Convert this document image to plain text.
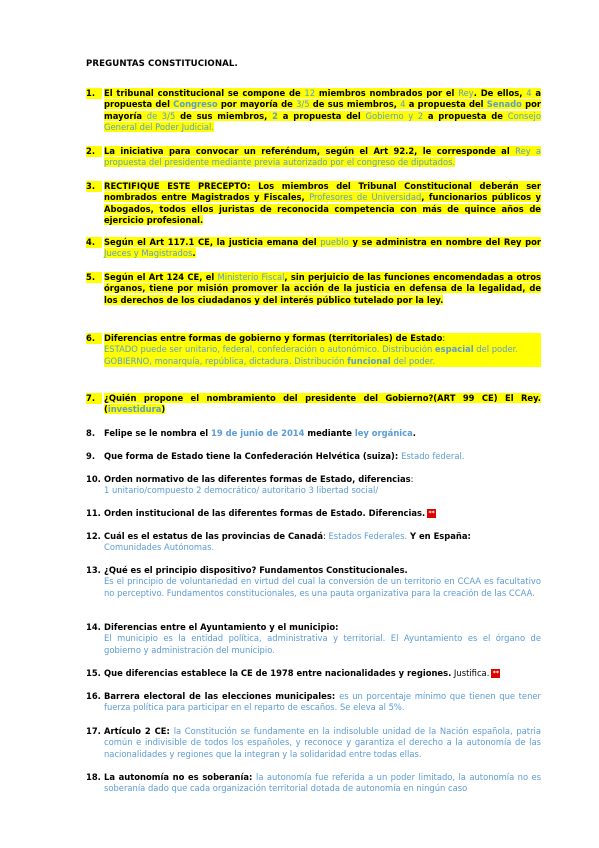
PREGUNTAS CONSTITUCIONAL.
1.	El tribunal constitucional se compone de 12 miembros nombrados por el Rey. De ellos, 4 a propuesta del Congreso por mayoría de 3/5 de sus miembros, 4 a propuesta del Senado por mayoría de 3/5 de sus miembros, 2 a propuesta del Gobierno y 2 a propuesta de Consejo General del Poder Judicial.
2.	La iniciativa para convocar un referéndum, según el Art 92.2, le corresponde al Rey a propuesta del presidente mediante previa autorizado por el congreso de diputados.
3.	RECTIFIQUE ESTE PRECEPTO: Los miembros del Tribunal Constitucional deberán ser nombrados entre Magistrados y Fiscales, Profesores de Universidad, funcionarios públicos y Abogados, todos ellos juristas de reconocida competencia con más de quince años de ejercicio profesional.
4.	Según el Art 117.1 CE, la justicia emana del pueblo y se administra en nombre del Rey por Jueces y Magistrados.
5.	Según el Art 124 CE, el Ministerio Fiscal, sin perjuicio de las funciones encomendadas a otros órganos, tiene por misión promover la acción de la justicia en defensa de la legalidad, de los derechos de los ciudadanos y del interés público tutelado por la ley.
6.	Diferencias entre formas de gobierno y formas (territoriales) de Estado:
ESTADO puede ser unitario, federal, confederación o autonómico. Distribución espacial del poder.
GOBIERNO, monarquía, república, dictadura. Distribución funcional del poder.
7.	¿Quién propone el nombramiento del presidente del Gobierno?(ART 99 CE) El Rey. (investidura)
8.	Felipe se le nombra el 19 de junio de 2014 mediante ley orgánica.
9.	Que forma de Estado tiene la Confederación Helvética (suiza): Estado federal.
10. Orden normativo de las diferentes formas de Estado, diferencias:
1 unitario/compuesto 2 democrático/ autoritario 3 libertad social/
11. Orden institucional de las diferentes formas de Estado. Diferencias. **
12. Cuál es el estatus de las provincias de Canadá: Estados Federales. Y en España:
Comunidades Autónomas.
13. ¿Qué es el principio dispositivo? Fundamentos Constitucionales.
Es el principio de voluntariedad en virtud del cual la conversión de un territorio en CCAA es facultativo no perceptivo. Fundamentos constitucionales, es una pauta organizativa para la creación de las CCAA.
14. Diferencias entre el Ayuntamiento y el municipio:
El municipio es la entidad política, administrativa y territorial. El Ayuntamiento es el órgano de gobierno y administración del municipio.
15. Que diferencias establece la CE de 1978 entre nacionalidades y regiones. Justifica. **
16. Barrera electoral de las elecciones municipales: es un porcentaje mínimo que tienen que tener fuerza política para participar en el reparto de escaños. Se eleva al 5%.
17. Artículo 2 CE: la Constitución se fundamente en la indisoluble unidad de la Nación española, patria común e indivisible de todos los españoles, y reconoce y garantiza el derecho a la autonomía de las nacionalidades y regiones que la integran y la solidaridad entre todas ellas.
18. La autonomía no es soberanía: la autonomía fue referida a un poder limitado, la autonomía no es soberanía dado que cada organización territorial dotada de autonomía en ningún caso
